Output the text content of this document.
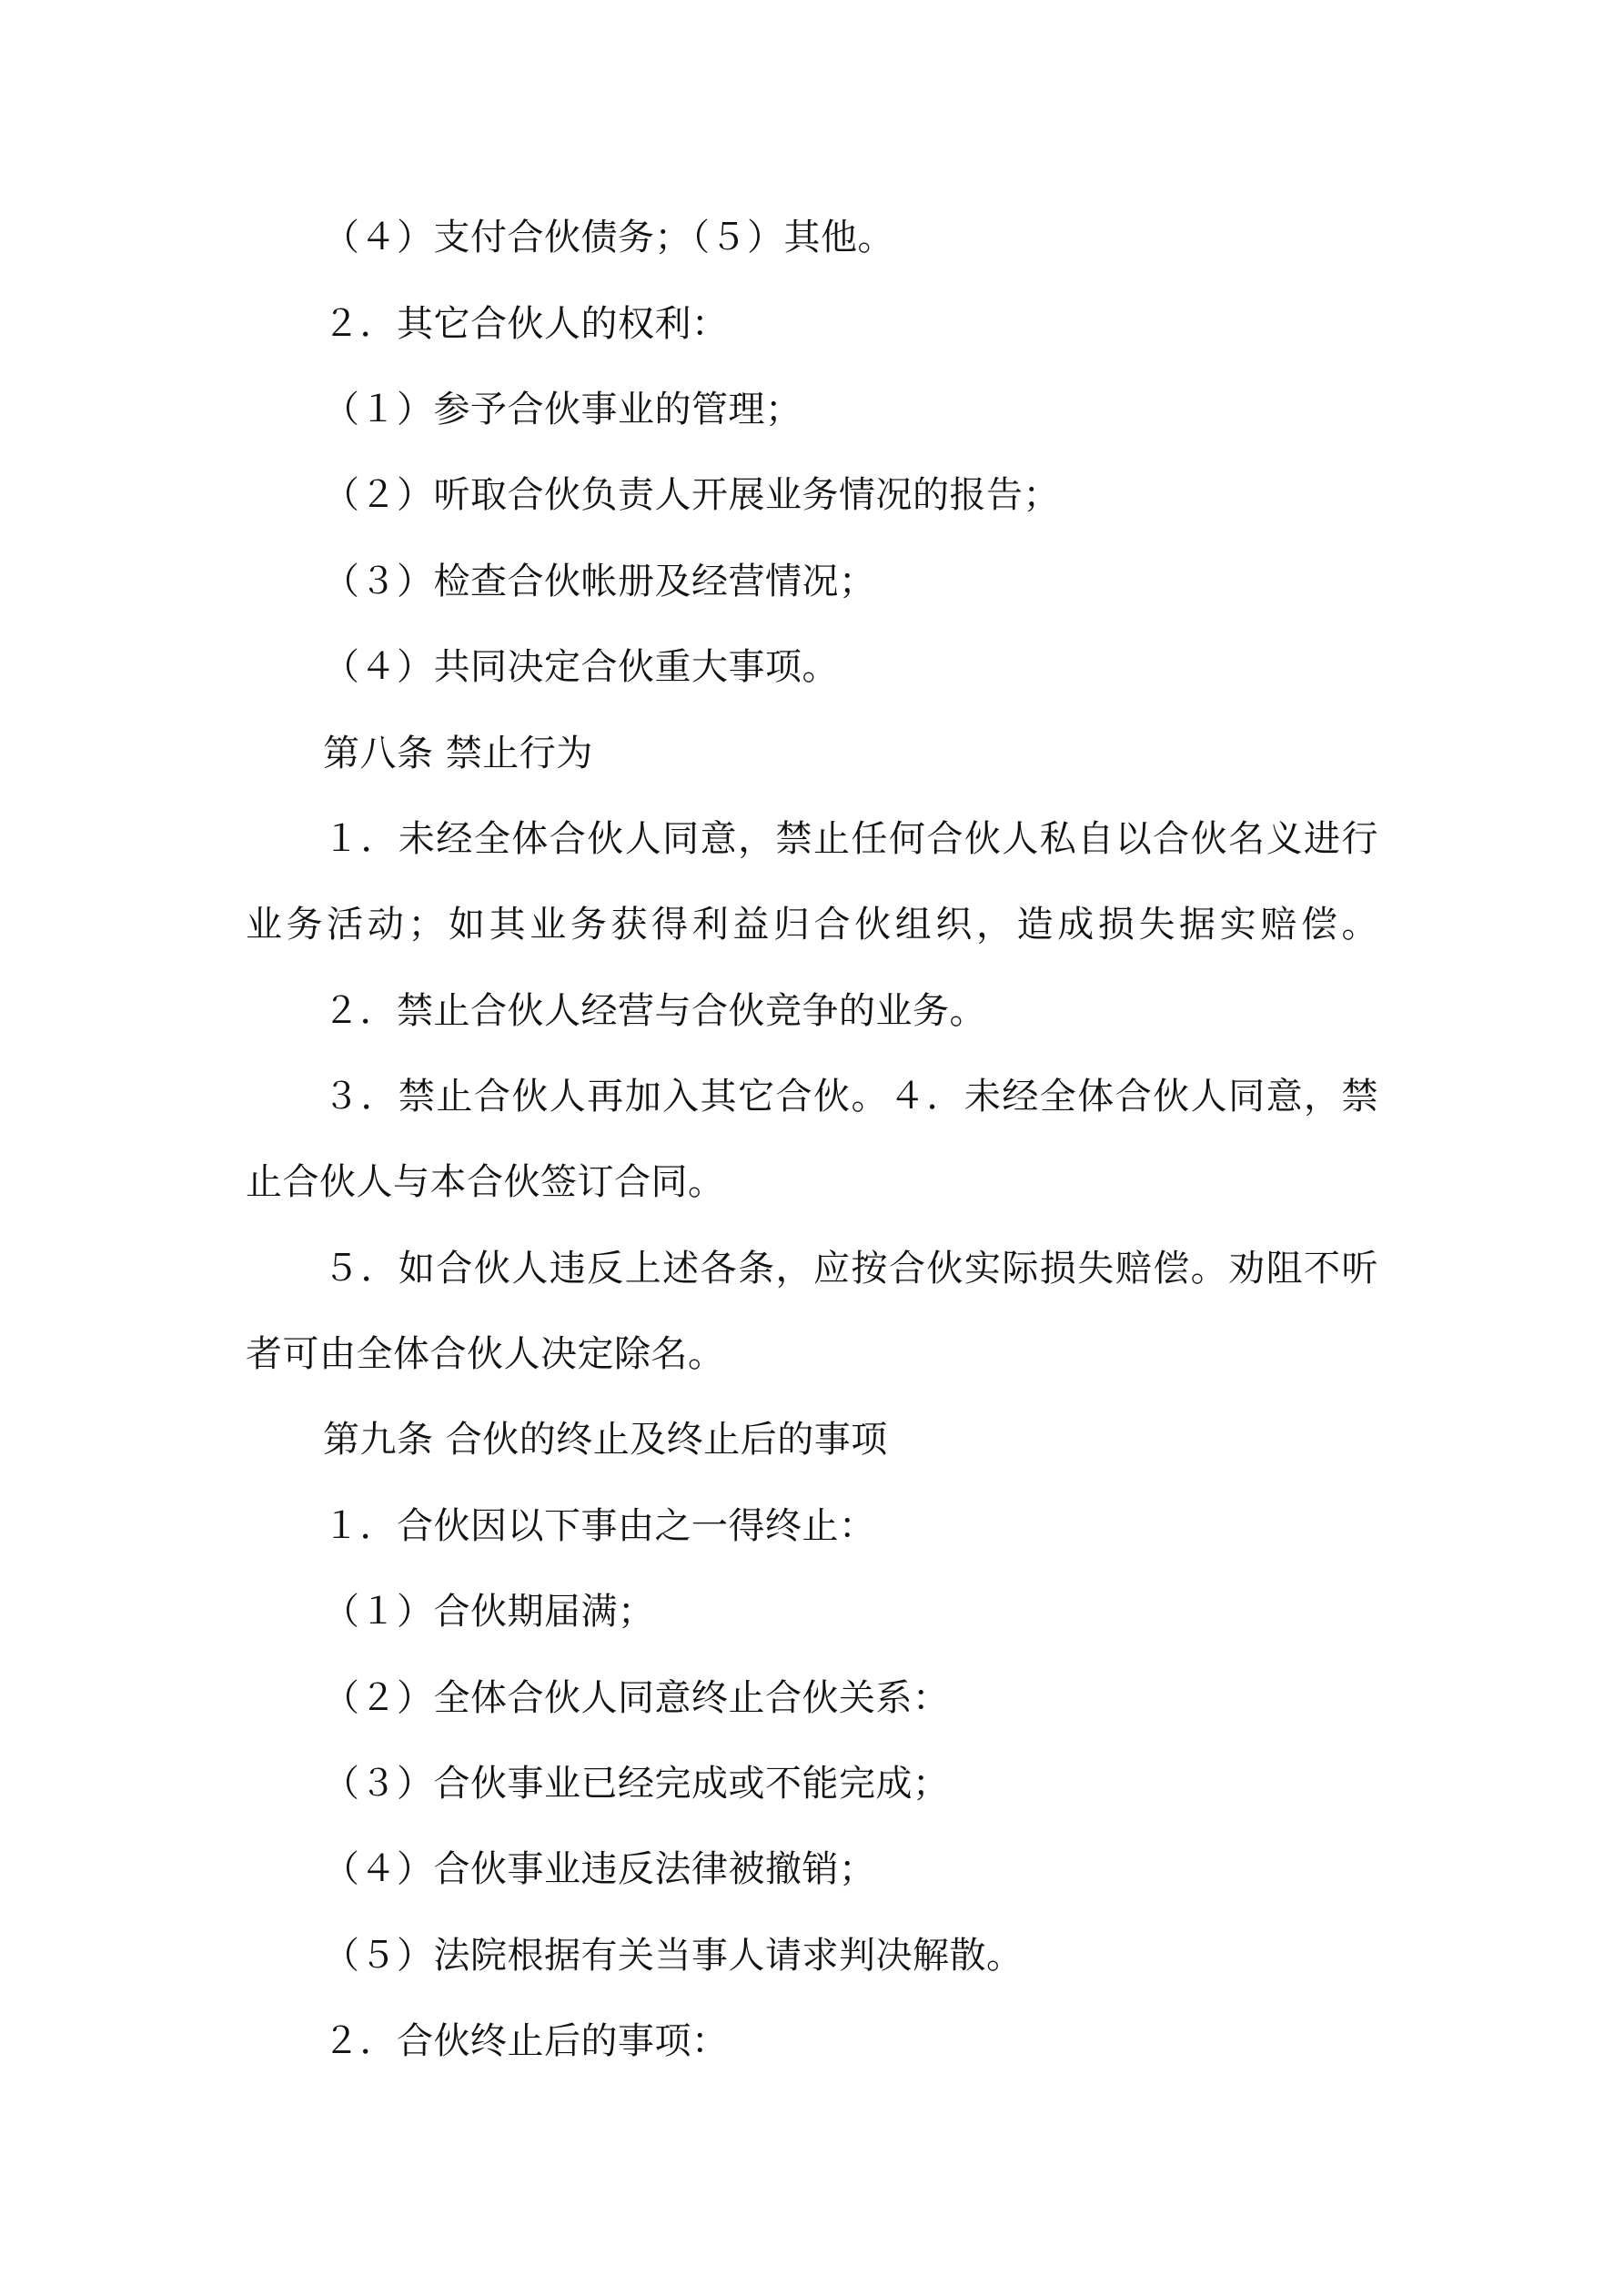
（４）支付合伙债务；（５）其他。

２．其它合伙人的权利：

（１）参予合伙事业的管理；

（２）听取合伙负责人开展业务情况的报告；

（３）检查合伙帐册及经营情况；

（４）共同决定合伙重大事项。

第八条 禁止行为

１．未经全体合伙人同意，禁止任何合伙人私自以合伙名义进行

业务活动；如其业务获得利益归合伙组织，造成损失据实赔偿。

２．禁止合伙人经营与合伙竞争的业务。

３．禁止合伙人再加入其它合伙。４．未经全体合伙人同意，禁

止合伙人与本合伙签订合同。

５．如合伙人违反上述各条，应按合伙实际损失赔偿。劝阻不听

者可由全体合伙人决定除名。

第九条 合伙的终止及终止后的事项

１．合伙因以下事由之一得终止：

（１）合伙期届满；

（２）全体合伙人同意终止合伙关系：

（３）合伙事业已经完成或不能完成；

（４）合伙事业违反法律被撤销；

（５）法院根据有关当事人请求判决解散。

２．合伙终止后的事项：
